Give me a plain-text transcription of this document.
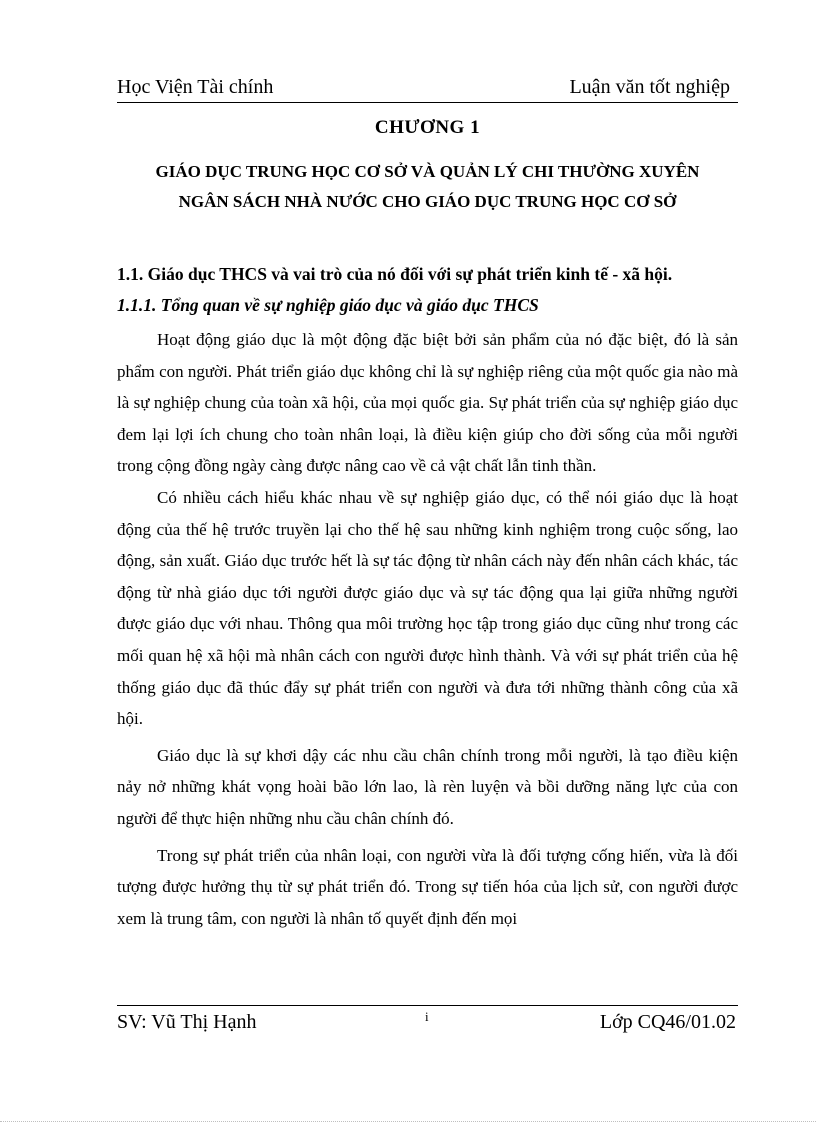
Học Viện Tài chính	Luận văn tốt nghiệp
CHƯƠNG 1
GIÁO DỤC TRUNG HỌC CƠ SỞ VÀ QUẢN LÝ CHI THƯỜNG XUYÊN
NGÂN SÁCH NHÀ NƯỚC CHO GIÁO DỤC TRUNG HỌC CƠ SỞ
1.1. Giáo dục THCS và vai trò của nó đối với sự phát triển kinh tế - xã hội.
1.1.1. Tổng quan về sự nghiệp giáo dục và giáo dục THCS

Hoạt động giáo dục là một động đặc biệt bởi sản phẩm của nó đặc biệt, đó là sản phẩm con người. Phát triển giáo dục không chỉ là sự nghiệp riêng của một quốc gia nào mà là sự nghiệp chung của toàn xã hội, của mọi quốc gia. Sự phát triển của sự nghiệp giáo dục đem lại lợi ích chung cho toàn nhân loại, là điều kiện giúp cho đời sống của mỗi người trong cộng đồng ngày càng được nâng cao về cả vật chất lẫn tinh thần.

Có nhiều cách hiểu khác nhau về sự nghiệp giáo dục, có thể nói giáo dục là hoạt động của thế hệ trước truyền lại cho thế hệ sau những kinh nghiệm trong cuộc sống, lao động, sản xuất. Giáo dục trước hết là sự tác động từ nhân cách này đến nhân cách khác, tác động từ nhà giáo dục tới người được giáo dục và sự tác động qua lại giữa những người được giáo dục với nhau. Thông qua môi trường học tập trong giáo dục cũng như trong các mối quan hệ xã hội mà nhân cách con người được hình thành. Và với sự phát triển của hệ thống giáo dục đã thúc đẩy sự phát triển con người và đưa tới những thành công của xã hội.

Giáo dục là sự khơi dậy các nhu cầu chân chính trong mỗi người, là tạo điều kiện nảy nở những khát vọng hoài bão lớn lao, là rèn luyện và bồi dưỡng năng lực của con người để thực hiện những nhu cầu chân chính đó.

Trong sự phát triển của nhân loại, con người vừa là đối tượng cống hiến, vừa là đối tượng được hưởng thụ từ sự phát triển đó. Trong sự tiến hóa của lịch sử, con người được xem là trung tâm, con người là nhân tố quyết định đến mọi

SV: Vũ Thị Hạnh	i	Lớp CQ46/01.02
